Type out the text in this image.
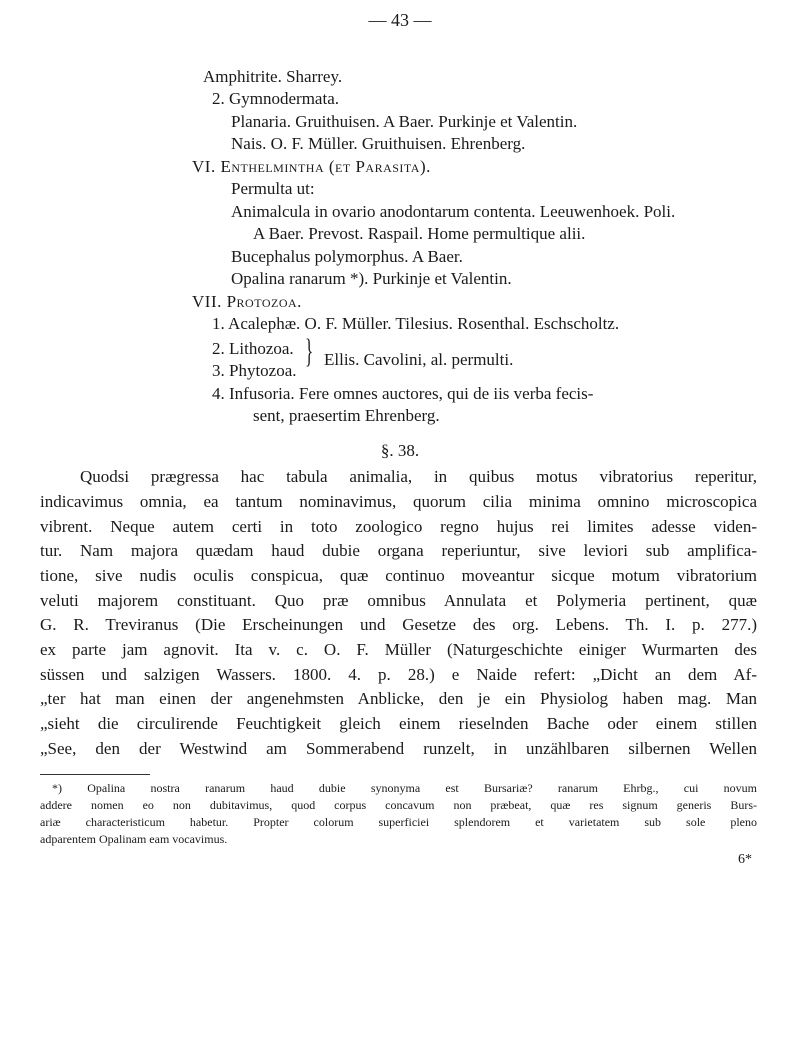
— 43 —
Amphitrite. Sharrey.
2. Gymnodermata.
Planaria. Gruithuisen. A Baer. Purkinje et Valentin.
Nais. O. F. Müller. Gruithuisen. Ehrenberg.
VI. Enthelmintha (et Parasita).
Permulta ut:
Animalcula in ovario anodontarum contenta. Leeuwenhoek. Poli.
A Baer. Prevost. Raspail. Home permultique alii.
Bucephalus polymorphus. A Baer.
Opalina ranarum *). Purkinje et Valentin.
VII. Protozoa.
1. Acalephæ. O. F. Müller. Tilesius. Rosenthal. Eschscholtz.
2. Lithozoa.
3. Phytozoa.
} Ellis. Cavolini, al. permulti.
4. Infusoria. Fere omnes auctores, qui de iis verba fecis-
sent, praesertim Ehrenberg.
§. 38.
Quodsi prægressa hac tabula animalia, in quibus motus vibratorius reperitur,
indicavimus omnia, ea tantum nominavimus, quorum cilia minima omnino microscopica
vibrent. Neque autem certi in toto zoologico regno hujus rei limites adesse viden-
tur. Nam majora quædam haud dubie organa reperiuntur, sive leviori sub amplifica-
tione, sive nudis oculis conspicua, quæ continuo moveantur sicque motum vibratorium
veluti majorem constituant. Quo præ omnibus Annulata et Polymeria pertinent, quæ
G. R. Treviranus (Die Erscheinungen und Gesetze des org. Lebens. Th. I. p. 277.)
ex parte jam agnovit. Ita v. c. O. F. Müller (Naturgeschichte einiger Wurmarten des
süssen und salzigen Wassers. 1800. 4. p. 28.) e Naide refert: „Dicht an dem Af-
„ter hat man einen der angenehmsten Anblicke, den je ein Physiolog haben mag. Man
„sieht die circulirende Feuchtigkeit gleich einem rieselnden Bache oder einem stillen
„See, den der Westwind am Sommerabend runzelt, in unzählbaren silbernen Wellen
*) Opalina nostra ranarum haud dubie synonyma est Bursariæ? ranarum Ehrbg., cui novum
addere nomen eo non dubitavimus, quod corpus concavum non præbeat, quæ res signum generis Burs-
ariæ characteristicum habetur. Propter colorum superficiei splendorem et varietatem sub sole pleno
adparentem Opalinam eam vocavimus.
6*
